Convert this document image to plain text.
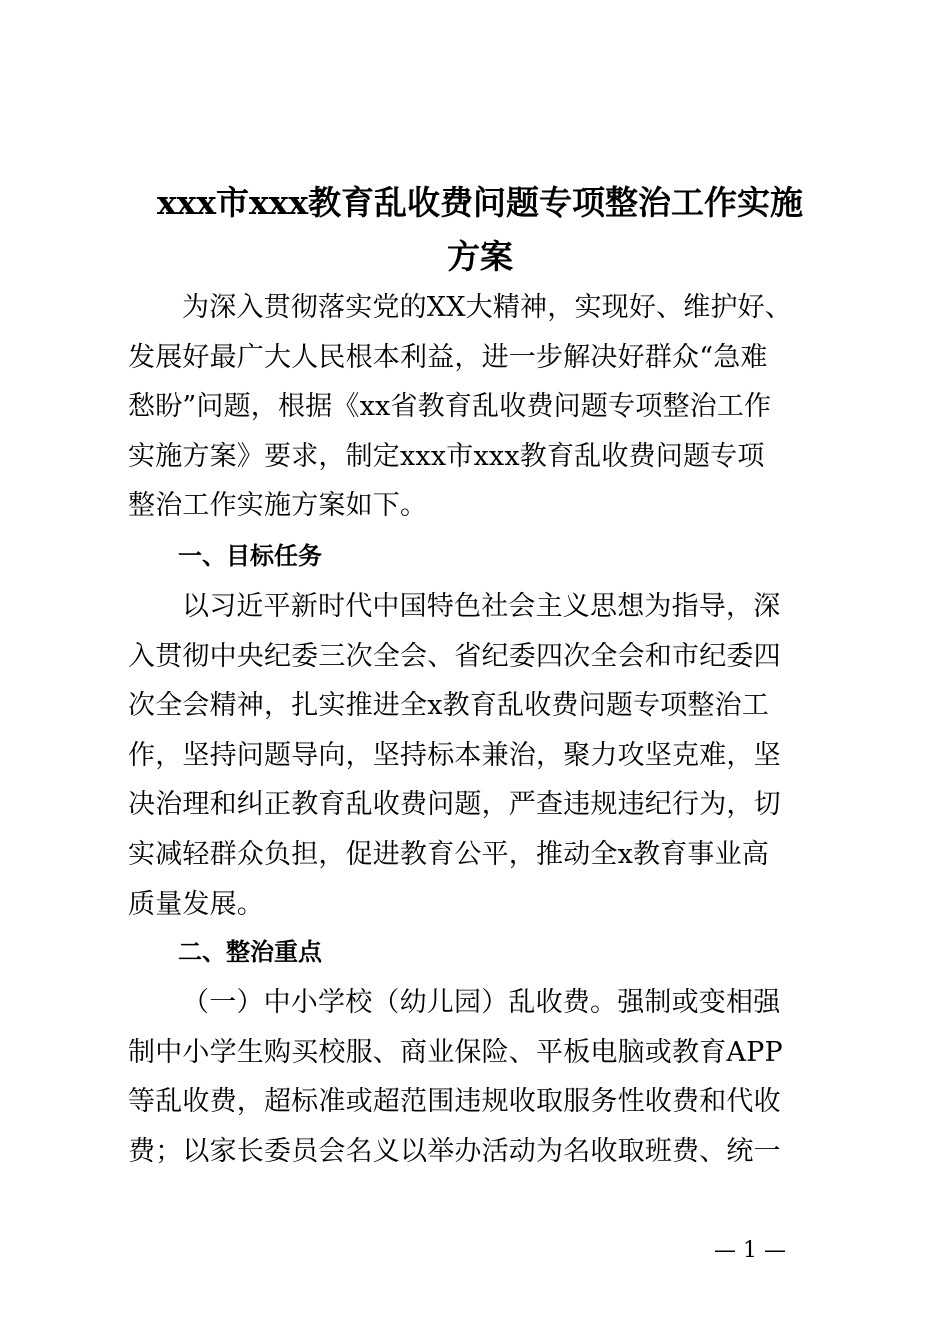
xxx市xxx教育乱收费问题专项整治工作实施
方案

为深入贯彻落实党的XX大精神，实现好、维护好、
发展好最广大人民根本利益，进一步解决好群众“急难
愁盼”问题，根据《xx省教育乱收费问题专项整治工作
实施方案》要求，制定xxx市xxx教育乱收费问题专项
整治工作实施方案如下。

一、目标任务

以习近平新时代中国特色社会主义思想为指导，深
入贯彻中央纪委三次全会、省纪委四次全会和市纪委四
次全会精神，扎实推进全x教育乱收费问题专项整治工
作，坚持问题导向，坚持标本兼治，聚力攻坚克难，坚
决治理和纠正教育乱收费问题，严查违规违纪行为，切
实减轻群众负担，促进教育公平，推动全x教育事业高
质量发展。

二、整治重点

（一）中小学校（幼儿园）乱收费。强制或变相强
制中小学生购买校服、商业保险、平板电脑或教育APP
等乱收费，超标准或超范围违规收取服务性收费和代收
费；以家长委员会名义以举办活动为名收取班费、统一

— 1 —
